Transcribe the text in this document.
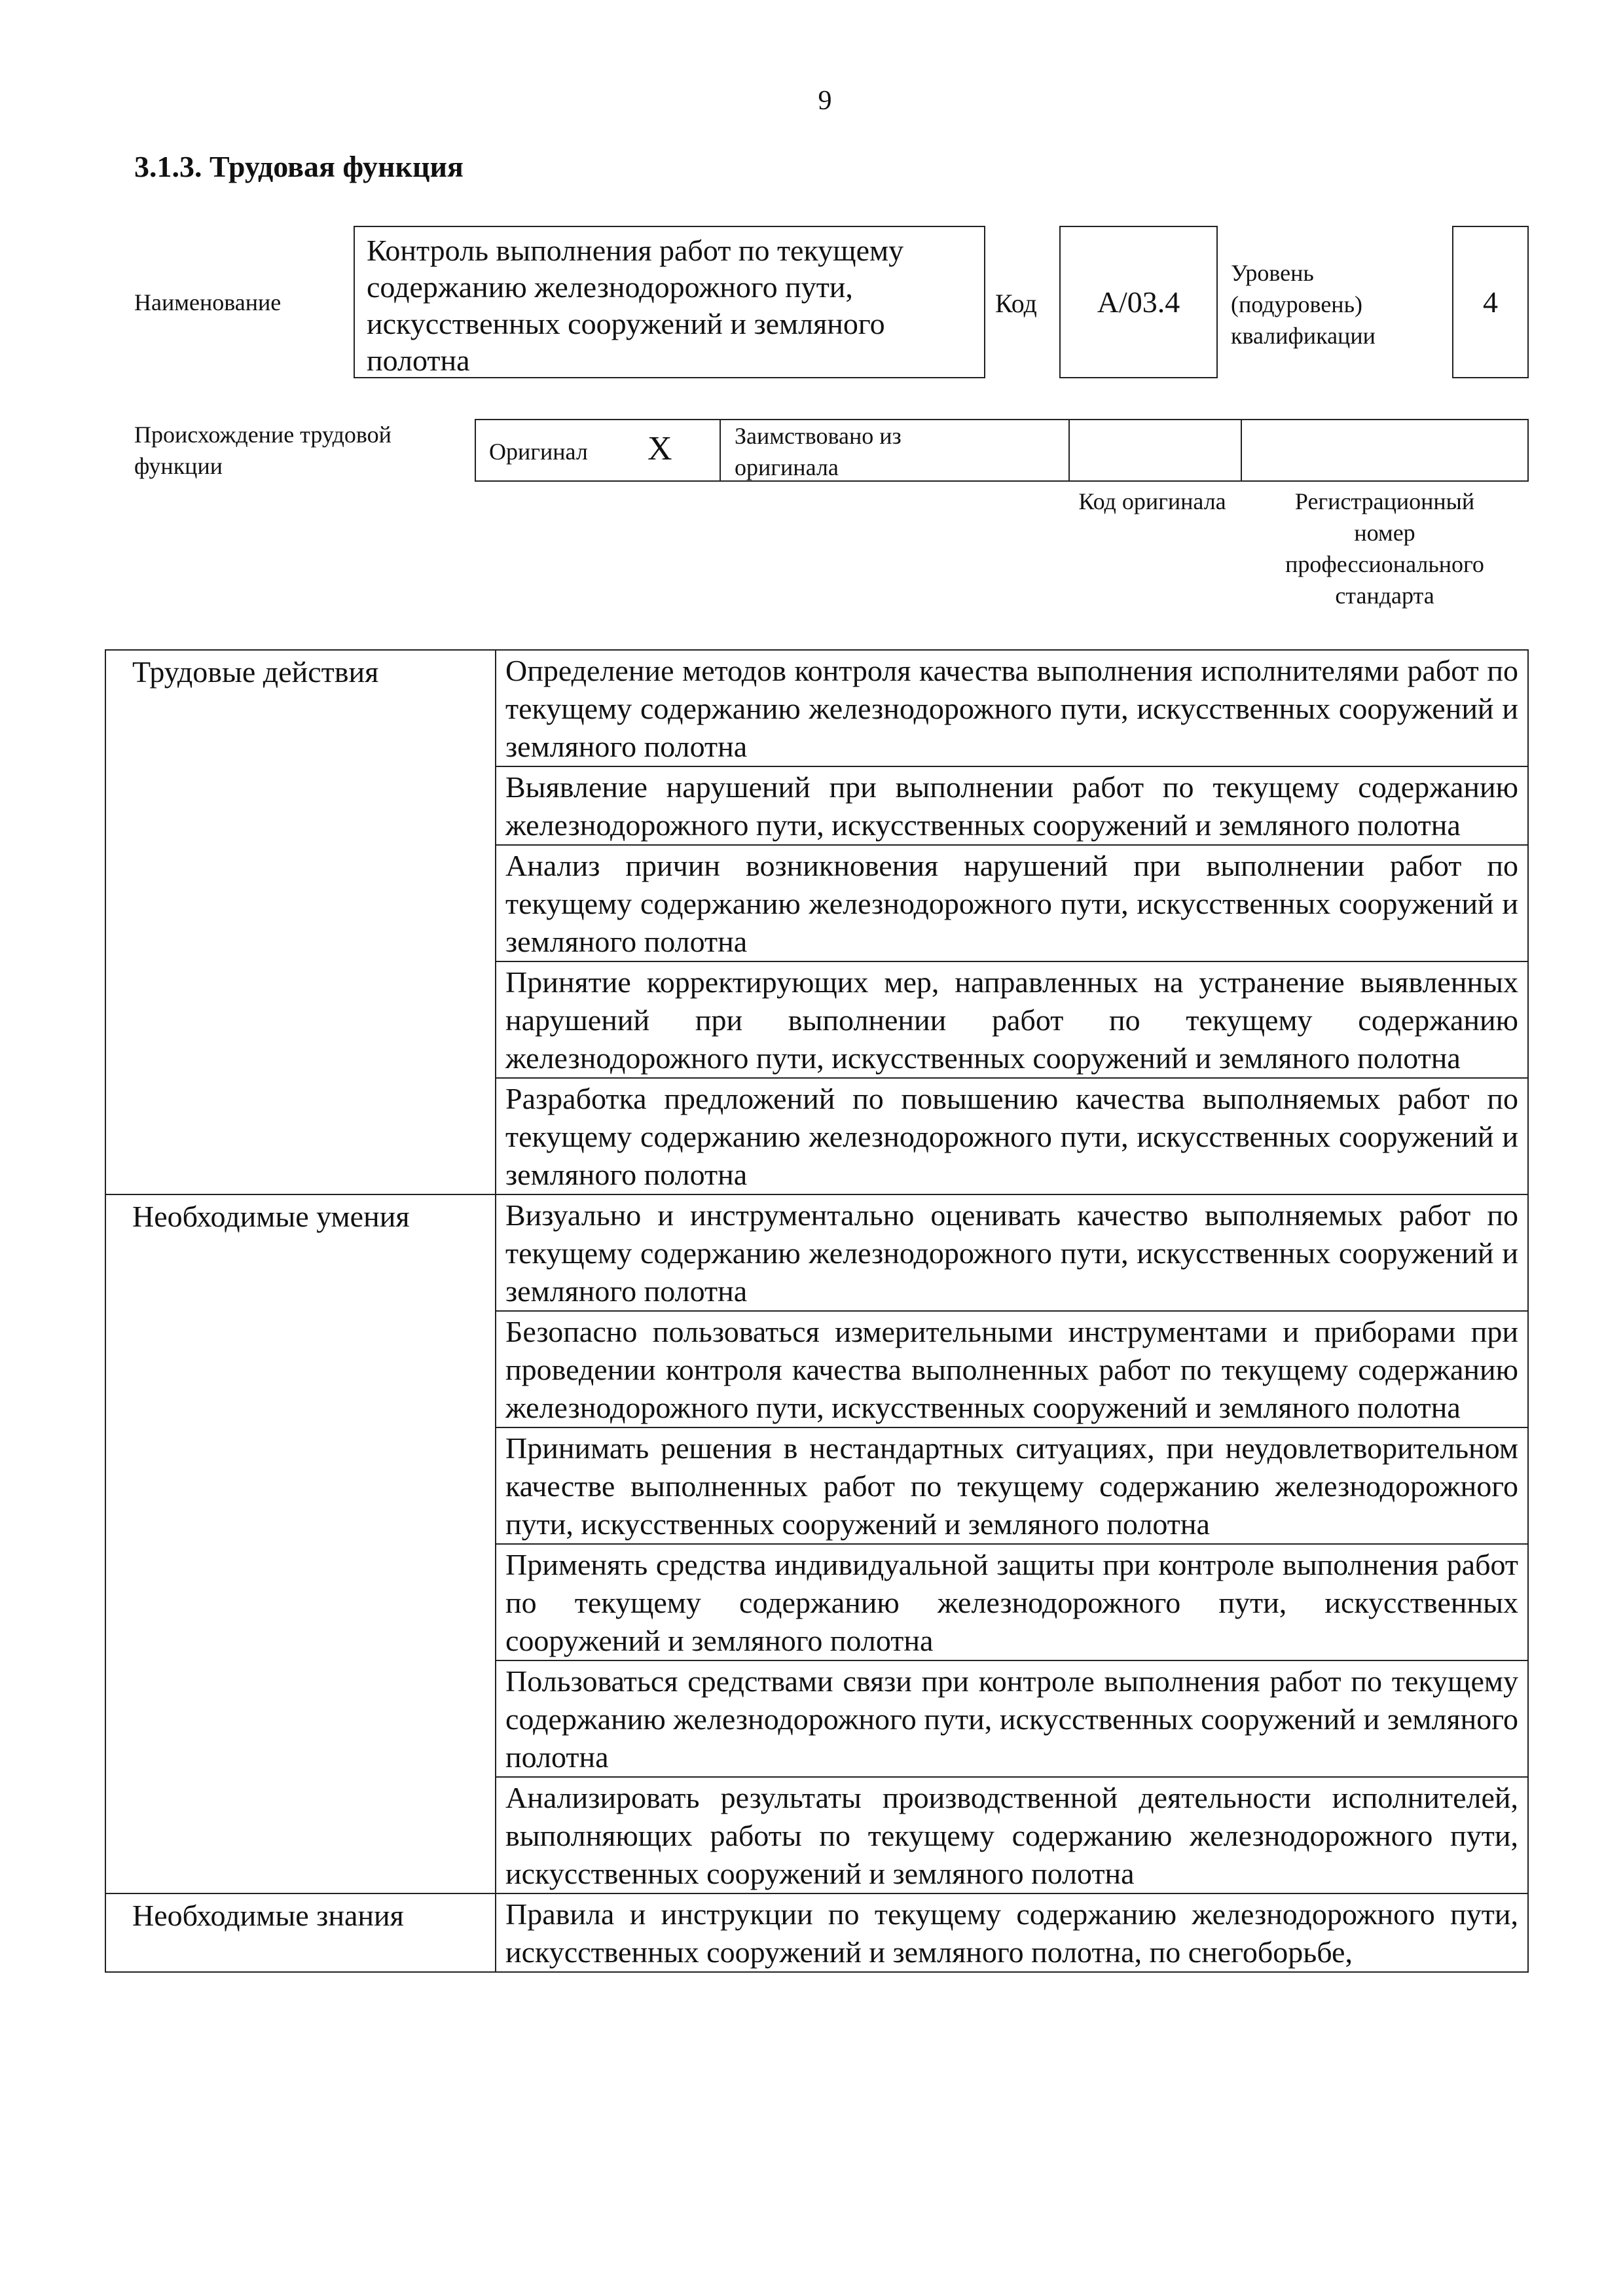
9
3.1.3. Трудовая функция
Наименование
Контроль выполнения работ по текущему содержанию железнодорожного пути, искусственных сооружений и земляного полотна
Код	А/03.4
Уровень (подуровень) квалификации
4
Происхождение трудовой функции
Оригинал X	Заимствовано из оригинала
Код оригинала	Регистрационный номер профессионального стандарта
Трудовые действия	Определение методов контроля качества выполнения исполнителями работ по текущему содержанию железнодорожного пути, искусственных сооружений и земляного полотна
	Выявление нарушений при выполнении работ по текущему содержанию железнодорожного пути, искусственных сооружений и земляного полотна
	Анализ причин возникновения нарушений при выполнении работ по текущему содержанию железнодорожного пути, искусственных сооружений и земляного полотна
	Принятие корректирующих мер, направленных на устранение выявленных нарушений при выполнении работ по текущему содержанию железнодорожного пути, искусственных сооружений и земляного полотна
	Разработка предложений по повышению качества выполняемых работ по текущему содержанию железнодорожного пути, искусственных сооружений и земляного полотна
Необходимые умения	Визуально и инструментально оценивать качество выполняемых работ по текущему содержанию железнодорожного пути, искусственных сооружений и земляного полотна
	Безопасно пользоваться измерительными инструментами и приборами при проведении контроля качества выполненных работ по текущему содержанию железнодорожного пути, искусственных сооружений и земляного полотна
	Принимать решения в нестандартных ситуациях, при неудовлетворительном качестве выполненных работ по текущему содержанию железнодорожного пути, искусственных сооружений и земляного полотна
	Применять средства индивидуальной защиты при контроле выполнения работ по текущему содержанию железнодорожного пути, искусственных сооружений и земляного полотна
	Пользоваться средствами связи при контроле выполнения работ по текущему содержанию железнодорожного пути, искусственных сооружений и земляного полотна
	Анализировать результаты производственной деятельности исполнителей, выполняющих работы по текущему содержанию железнодорожного пути, искусственных сооружений и земляного полотна
Необходимые знания	Правила и инструкции по текущему содержанию железнодорожного пути, искусственных сооружений и земляного полотна, по снегоборьбе,
